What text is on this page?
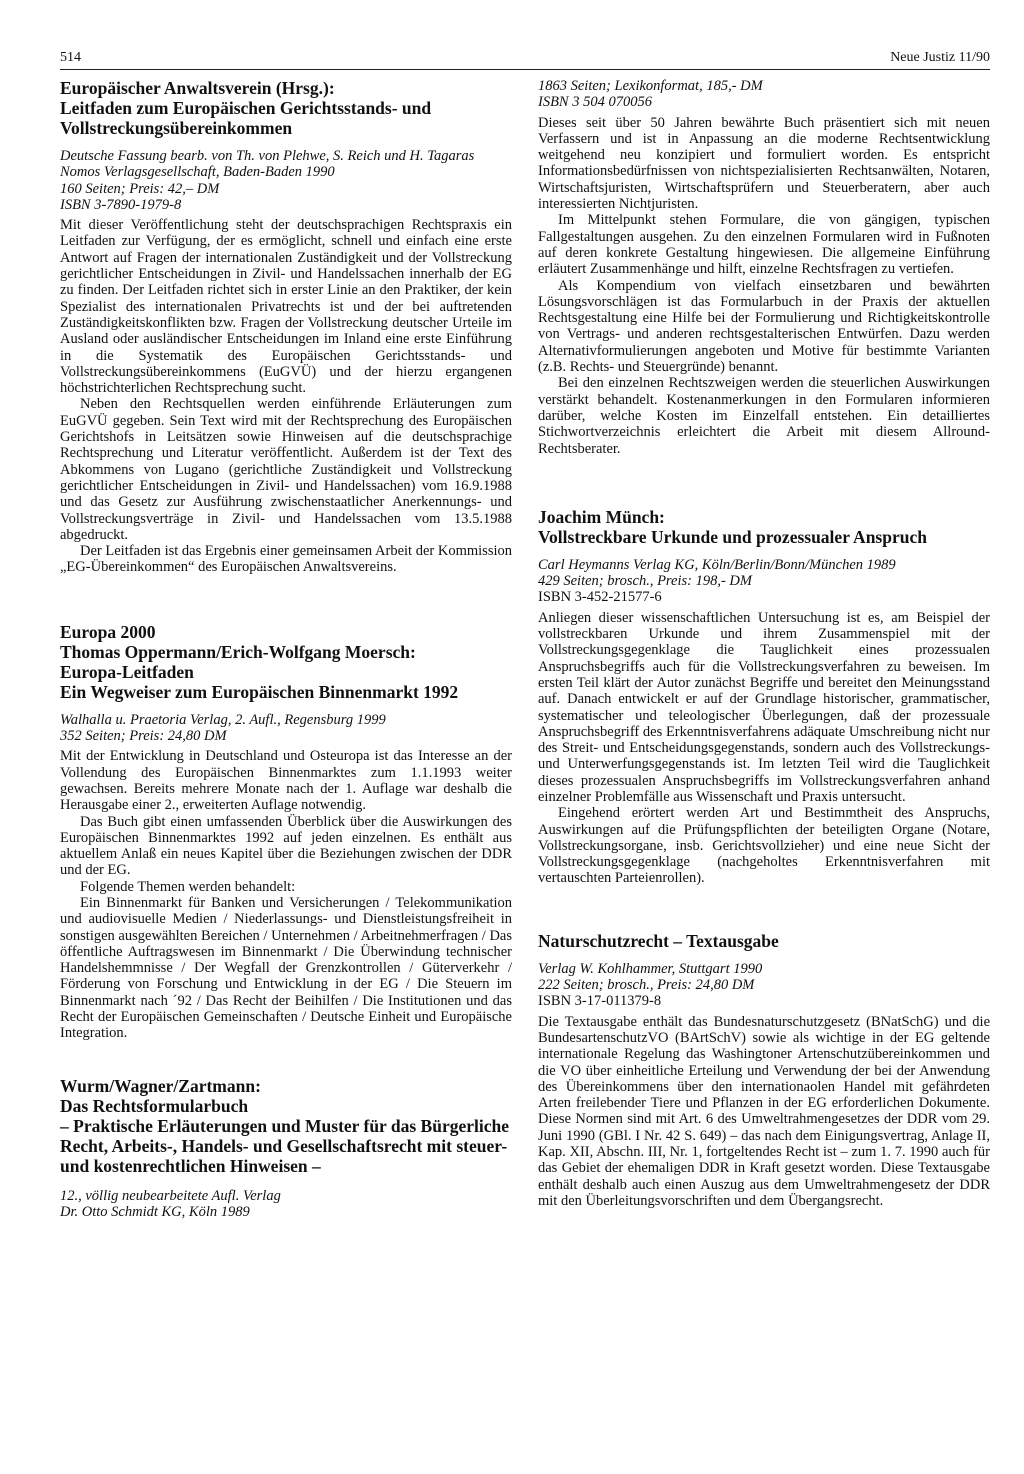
514	Neue Justiz 11/90
Europäischer Anwaltsverein (Hrsg.):
Leitfaden zum Europäischen Gerichtsstands- und Vollstreckungsübereinkommen
Deutsche Fassung bearb. von Th. von Plehwe, S. Reich und H. Tagaras
Nomos Verlagsgesellschaft, Baden-Baden 1990
160 Seiten; Preis: 42,– DM
ISBN 3-7890-1979-8

Mit dieser Veröffentlichung steht der deutschsprachigen Rechtspraxis ein Leitfaden zur Verfügung, der es ermöglicht, schnell und einfach eine erste Antwort auf Fragen der internationalen Zuständigkeit und der Vollstreckung gerichtlicher Entscheidungen in Zivil- und Handelssachen innerhalb der EG zu finden. Der Leitfaden richtet sich in erster Linie an den Praktiker, der kein Spezialist des internationalen Privatrechts ist und der bei auftretenden Zuständigkeitskonflikten bzw. Fragen der Vollstreckung deutscher Urteile im Ausland oder ausländischer Entscheidungen im Inland eine erste Einführung in die Systematik des Europäischen Gerichtsstands- und Vollstreckungsübereinkommens (EuGVÜ) und der hierzu ergangenen höchstrichterlichen Rechtsprechung sucht.

Neben den Rechtsquellen werden einführende Erläuterungen zum EuGVÜ gegeben. Sein Text wird mit der Rechtsprechung des Europäischen Gerichtshofs in Leitsätzen sowie Hinweisen auf die deutschsprachige Rechtsprechung und Literatur veröffentlicht. Außerdem ist der Text des Abkommens von Lugano (gerichtliche Zuständigkeit und Vollstreckung gerichtlicher Entscheidungen in Zivil- und Handelssachen) vom 16.9.1988 und das Gesetz zur Ausführung zwischenstaatlicher Anerkennungs- und Vollstreckungsverträge in Zivil- und Handelssachen vom 13.5.1988 abgedruckt.

Der Leitfaden ist das Ergebnis einer gemeinsamen Arbeit der Kommission „EG-Übereinkommen“ des Europäischen Anwaltsvereins.

Europa 2000
Thomas Oppermann/Erich-Wolfgang Moersch:
Europa-Leitfaden
Ein Wegweiser zum Europäischen Binnenmarkt 1992
Walhalla u. Praetoria Verlag, 2. Aufl., Regensburg 1999
352 Seiten; Preis: 24,80 DM

Mit der Entwicklung in Deutschland und Osteuropa ist das Interesse an der Vollendung des Europäischen Binnenmarktes zum 1.1.1993 weiter gewachsen. Bereits mehrere Monate nach der 1. Auflage war deshalb die Herausgabe einer 2., erweiterten Auflage notwendig.

Das Buch gibt einen umfassenden Überblick über die Auswirkungen des Europäischen Binnenmarktes 1992 auf jeden einzelnen. Es enthält aus aktuellem Anlaß ein neues Kapitel über die Beziehungen zwischen der DDR und der EG.

Folgende Themen werden behandelt:

Ein Binnenmarkt für Banken und Versicherungen / Telekommunikation und audiovisuelle Medien / Niederlassungs- und Dienstleistungsfreiheit in sonstigen ausgewählten Bereichen / Unternehmen / Arbeitnehmerfragen / Das öffentliche Auftragswesen im Binnenmarkt / Die Überwindung technischer Handelshemmnisse / Der Wegfall der Grenzkontrollen / Güterverkehr / Förderung von Forschung und Entwicklung in der EG / Die Steuern im Binnenmarkt nach ´92 / Das Recht der Beihilfen / Die Institutionen und das Recht der Europäischen Gemeinschaften / Deutsche Einheit und Europäische Integration.

Wurm/Wagner/Zartmann:
Das Rechtsformularbuch
– Praktische Erläuterungen und Muster für das Bürgerliche Recht, Arbeits-, Handels- und Gesellschaftsrecht mit steuer- und kostenrechtlichen Hinweisen –
12., völlig neubearbeitete Aufl. Verlag
Dr. Otto Schmidt KG, Köln 1989
1863 Seiten; Lexikonformat, 185,- DM
ISBN 3 504 070056

Dieses seit über 50 Jahren bewährte Buch präsentiert sich mit neuen Verfassern und ist in Anpassung an die moderne Rechtsentwicklung weitgehend neu konzipiert und formuliert worden. Es entspricht Informationsbedürfnissen von nichtspezialisierten Rechtsanwälten, Notaren, Wirtschaftsjuristen, Wirtschaftsprüfern und Steuerberatern, aber auch interessierten Nichtjuristen.

Im Mittelpunkt stehen Formulare, die von gängigen, typischen Fallgestaltungen ausgehen. Zu den einzelnen Formularen wird in Fußnoten auf deren konkrete Gestaltung hingewiesen. Die allgemeine Einführung erläutert Zusammenhänge und hilft, einzelne Rechtsfragen zu vertiefen.

Als Kompendium von vielfach einsetzbaren und bewährten Lösungsvorschlägen ist das Formularbuch in der Praxis der aktuellen Rechtsgestaltung eine Hilfe bei der Formulierung und Richtigkeitskontrolle von Vertrags- und anderen rechtsgestalterischen Entwürfen. Dazu werden Alternativformulierungen angeboten und Motive für bestimmte Varianten (z.B. Rechts- und Steuergründe) benannt.

Bei den einzelnen Rechtszweigen werden die steuerlichen Auswirkungen verstärkt behandelt. Kostenanmerkungen in den Formularen informieren darüber, welche Kosten im Einzelfall entstehen. Ein detailliertes Stichwortverzeichnis erleichtert die Arbeit mit diesem Allround-Rechtsberater.

Joachim Münch:
Vollstreckbare Urkunde und prozessualer Anspruch
Carl Heymanns Verlag KG, Köln/Berlin/Bonn/München 1989
429 Seiten; brosch., Preis: 198,- DM
ISBN 3-452-21577-6

Anliegen dieser wissenschaftlichen Untersuchung ist es, am Beispiel der vollstreckbaren Urkunde und ihrem Zusammenspiel mit der Vollstreckungsgegenklage die Tauglichkeit eines prozessualen Anspruchsbegriffs auch für die Vollstreckungsverfahren zu beweisen. Im ersten Teil klärt der Autor zunächst Begriffe und bereitet den Meinungsstand auf. Danach entwickelt er auf der Grundlage historischer, grammatischer, systematischer und teleologischer Überlegungen, daß der prozessuale Anspruchsbegriff des Erkenntnisverfahrens adäquate Umschreibung nicht nur des Streit- und Entscheidungsgegenstands, sondern auch des Vollstreckungs- und Unterwerfungsgegenstands ist. Im letzten Teil wird die Tauglichkeit dieses prozessualen Anspruchsbegriffs im Vollstreckungsverfahren anhand einzelner Problemfälle aus Wissenschaft und Praxis untersucht.

Eingehend erörtert werden Art und Bestimmtheit des Anspruchs, Auswirkungen auf die Prüfungspflichten der beteiligten Organe (Notare, Vollstreckungsorgane, insb. Gerichtsvollzieher) und eine neue Sicht der Vollstreckungsgegenklage (nachgeholtes Erkenntnisverfahren mit vertauschten Parteienrollen).

Naturschutzrecht – Textausgabe
Verlag W. Kohlhammer, Stuttgart 1990
222 Seiten; brosch., Preis: 24,80 DM
ISBN 3-17-011379-8

Die Textausgabe enthält das Bundesnaturschutzgesetz (BNatSchG) und die BundesartenschutzVO (BArtSchV) sowie als wichtige in der EG geltende internationale Regelung das Washingtoner Artenschutzübereinkommen und die VO über einheitliche Erteilung und Verwendung der bei der Anwendung des Übereinkommens über den internationaolen Handel mit gefährdeten Arten freilebender Tiere und Pflanzen in der EG erforderlichen Dokumente. Diese Normen sind mit Art. 6 des Umweltrahmengesetzes der DDR vom 29. Juni 1990 (GBl. I Nr. 42 S. 649) – das nach dem Einigungsvertrag, Anlage II, Kap. XII, Abschn. III, Nr. 1, fortgeltendes Recht ist – zum 1. 7. 1990 auch für das Gebiet der ehemaligen DDR in Kraft gesetzt worden. Diese Textausgabe enthält deshalb auch einen Auszug aus dem Umweltrahmengesetz der DDR mit den Überleitungsvorschriften und dem Übergangsrecht.
